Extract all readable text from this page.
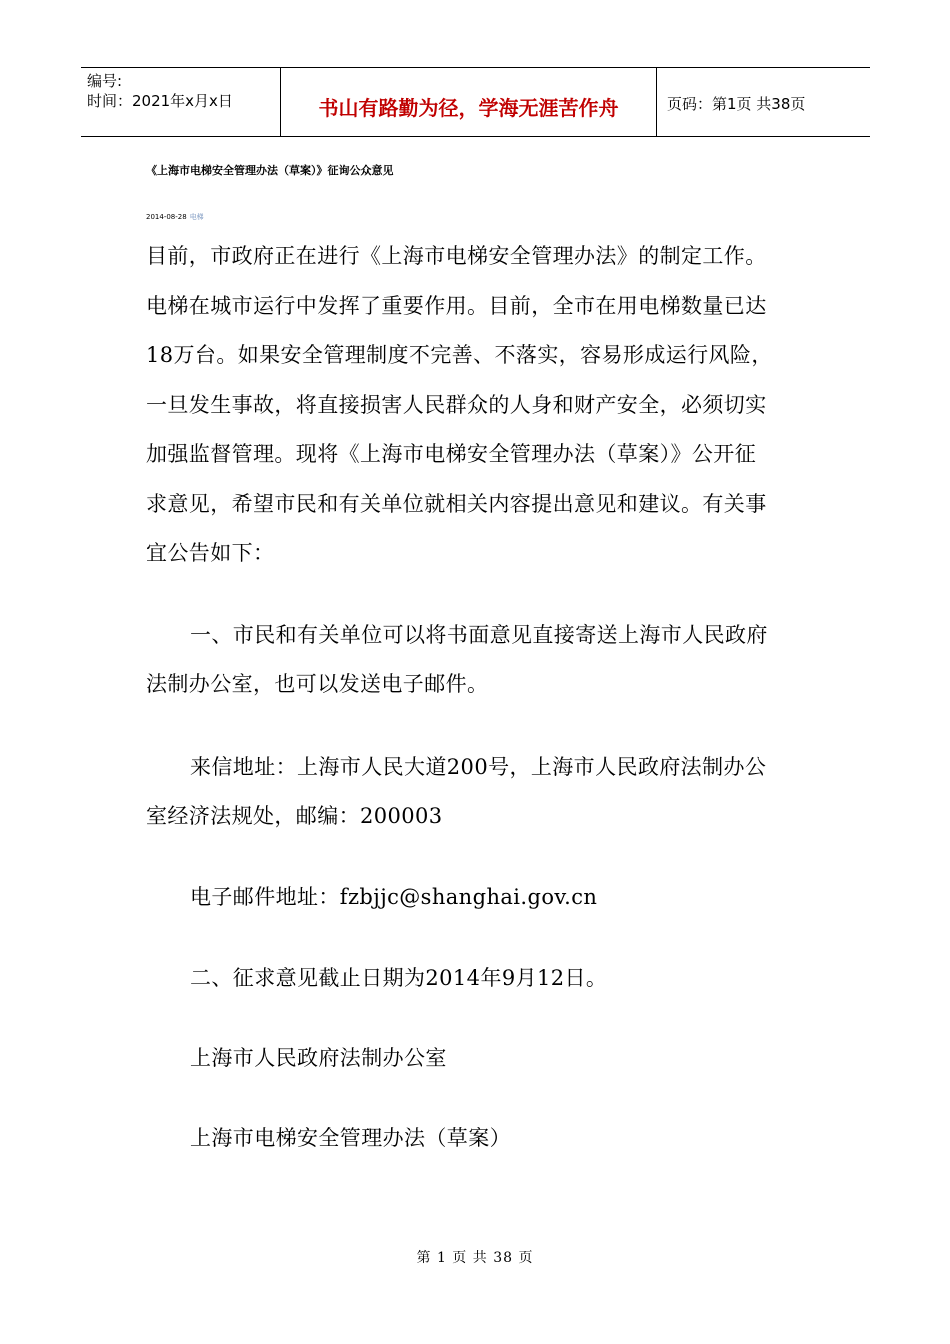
编号:
时间：2021年x月x日	书山有路勤为径，学海无涯苦作舟	页码：第1页 共38页
《上海市电梯安全管理办法（草案）》征询公众意见
2014-08-28 电梯
目前，市政府正在进行《上海市电梯安全管理办法》的制定工作。
电梯在城市运行中发挥了重要作用。目前，全市在用电梯数量已达
18万台。如果安全管理制度不完善、不落实，容易形成运行风险，
一旦发生事故，将直接损害人民群众的人身和财产安全，必须切实
加强监督管理。现将《上海市电梯安全管理办法（草案）》公开征
求意见，希望市民和有关单位就相关内容提出意见和建议。有关事
宜公告如下：
一、市民和有关单位可以将书面意见直接寄送上海市人民政府
法制办公室，也可以发送电子邮件。
来信地址：上海市人民大道200号，上海市人民政府法制办公
室经济法规处，邮编：200003
电子邮件地址：fzbjjc@shanghai.gov.cn
二、征求意见截止日期为2014年9月12日。
上海市人民政府法制办公室
上海市电梯安全管理办法（草案）
第 1 页 共 38 页
